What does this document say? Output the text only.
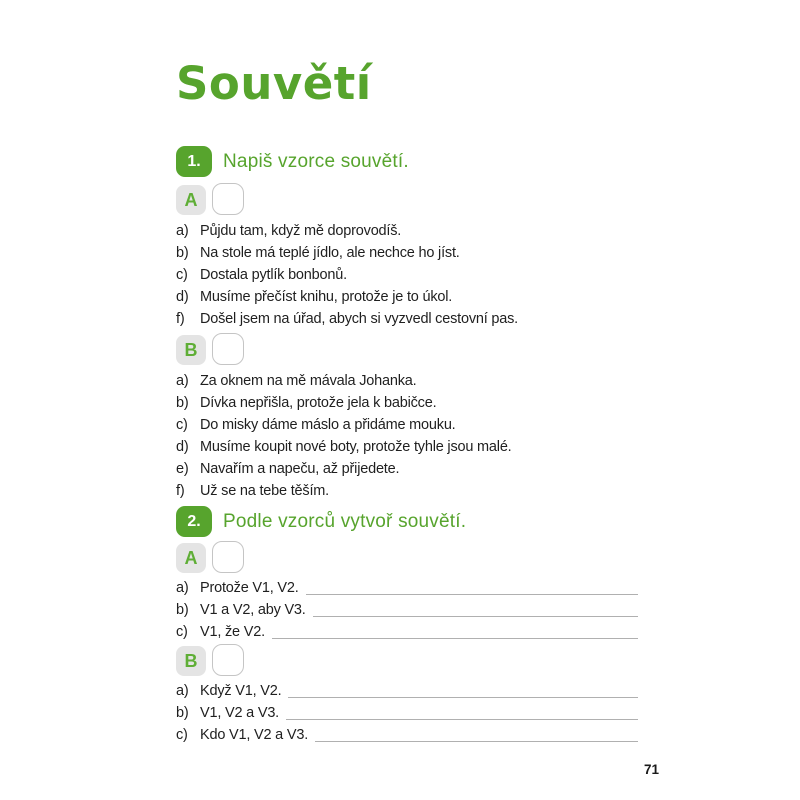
Souvětí
1.	Napiš vzorce souvětí.
A
a) Půjdu tam, když mě doprovodíš.
b) Na stole má teplé jídlo, ale nechce ho jíst.
c) Dostala pytlík bonbonů.
d) Musíme přečíst knihu, protože je to úkol.
f)	Došel jsem na úřad, abych si vyzvedl cestovní pas.
B
a) Za oknem na mě mávala Johanka.
b) Dívka nepřišla, protože jela k babičce.
c) Do misky dáme máslo a přidáme mouku.
d) Musíme koupit nové boty, protože tyhle jsou malé.
e) Navařím a napeču, až přijedete.
f)	Už se na tebe těším.
2.	Podle vzorců vytvoř souvětí.
A
a) Protože V1, V2.
b) V1 a V2, aby V3.
c) V1, že V2.
B
a) Když V1, V2.
b) V1, V2 a V3.
c) Kdo V1, V2 a V3.
71
